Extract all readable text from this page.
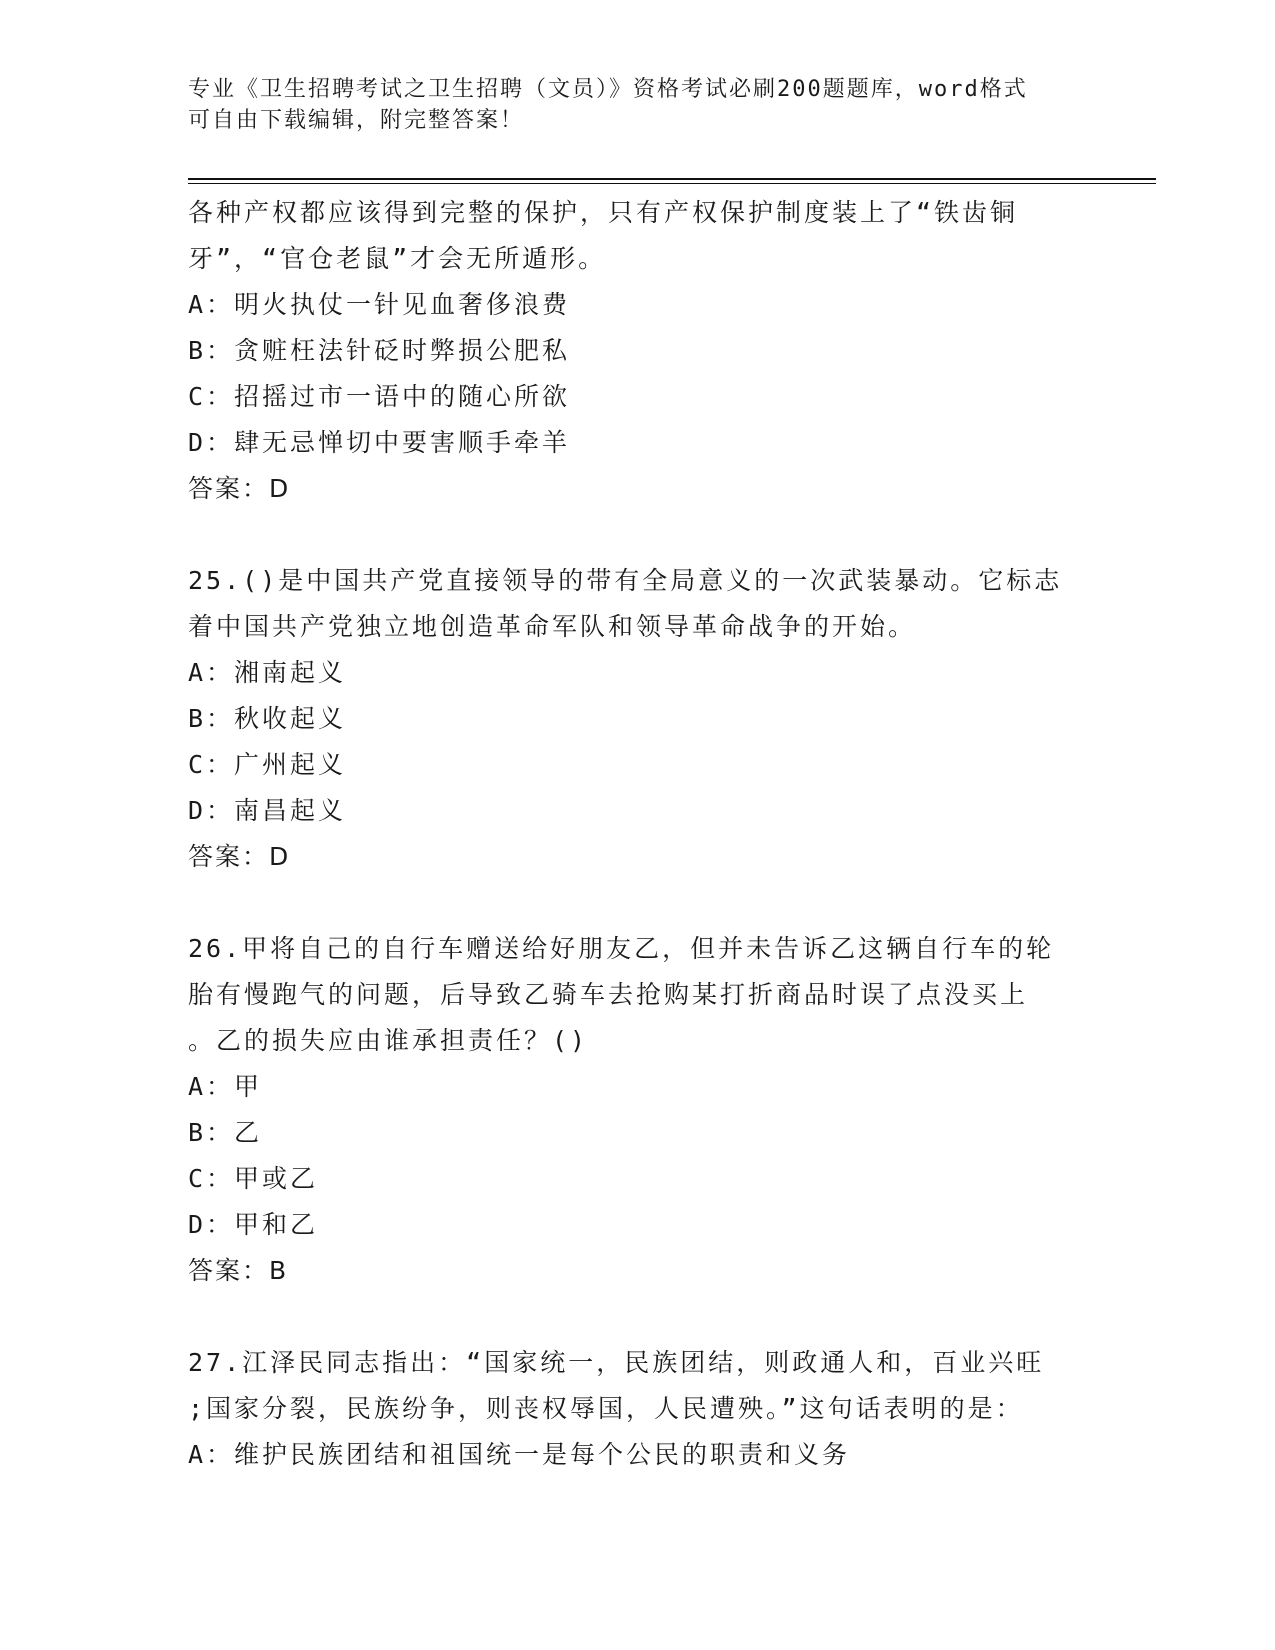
专业《卫生招聘考试之卫生招聘（文员）》资格考试必刷200题题库，word格式
可自由下载编辑，附完整答案！
各种产权都应该得到完整的保护，只有产权保护制度装上了“铁齿铜
牙”，“官仓老鼠”才会无所遁形。
A：明火执仗一针见血奢侈浪费
B：贪赃枉法针砭时弊损公肥私
C：招摇过市一语中的随心所欲
D：肆无忌惮切中要害顺手牵羊
答案：D
25.()是中国共产党直接领导的带有全局意义的一次武装暴动。它标志
着中国共产党独立地创造革命军队和领导革命战争的开始。
A：湘南起义
B：秋收起义
C：广州起义
D：南昌起义
答案：D
26.甲将自己的自行车赠送给好朋友乙，但并未告诉乙这辆自行车的轮
胎有慢跑气的问题，后导致乙骑车去抢购某打折商品时误了点没买上
。乙的损失应由谁承担责任？()
A：甲
B：乙
C：甲或乙
D：甲和乙
答案：B
27.江泽民同志指出：“国家统一，民族团结，则政通人和，百业兴旺
;国家分裂，民族纷争，则丧权辱国，人民遭殃。”这句话表明的是：
A：维护民族团结和祖国统一是每个公民的职责和义务
